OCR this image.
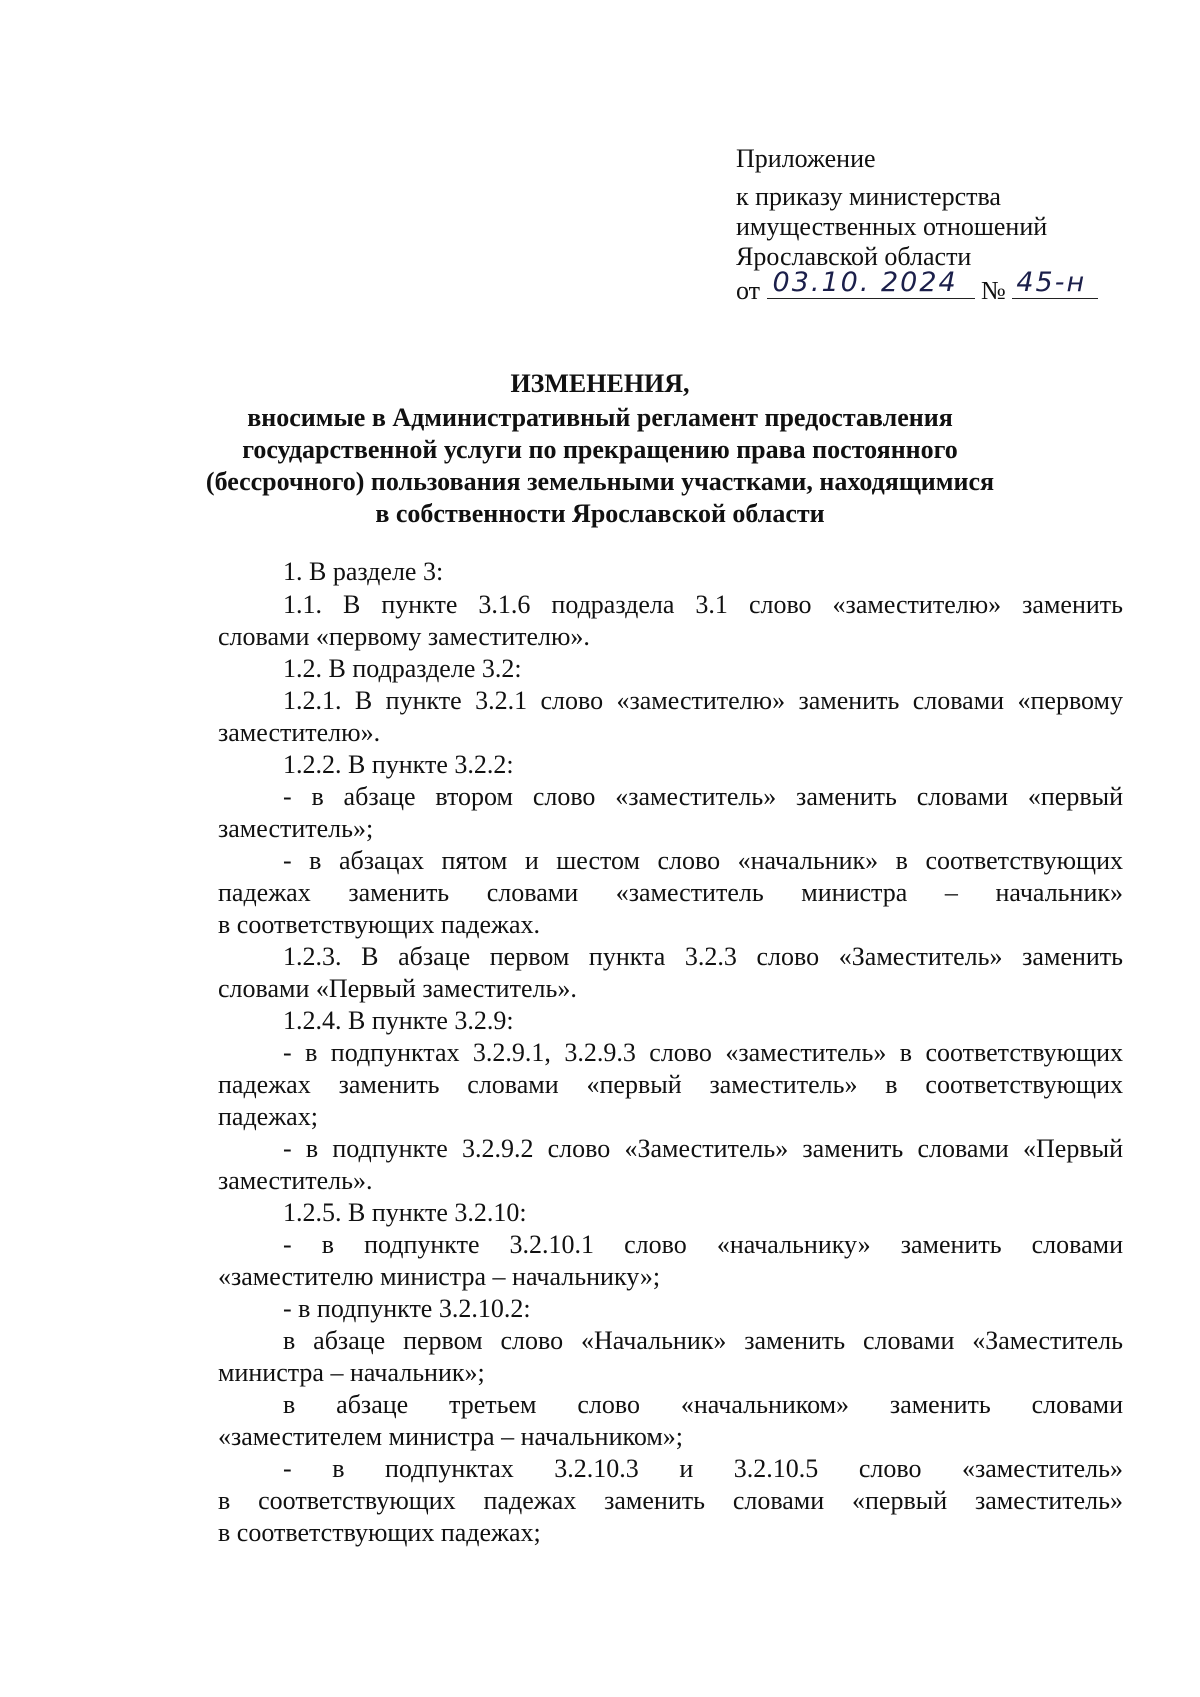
Приложение
к приказу министерства
имущественных отношений
Ярославской области
от 03.10. 2024 № 45-н
ИЗМЕНЕНИЯ,
вносимые в Административный регламент предоставления
государственной услуги по прекращению права постоянного
(бессрочного) пользования земельными участками, находящимися
в собственности Ярославской области
1. В разделе 3:
1.1. В пункте 3.1.6 подраздела 3.1 слово «заместителю» заменить
словами «первому заместителю».
1.2. В подразделе 3.2:
1.2.1. В пункте 3.2.1 слово «заместителю» заменить словами «первому
заместителю».
1.2.2. В пункте 3.2.2:
- в абзаце втором слово «заместитель» заменить словами «первый
заместитель»;
- в абзацах пятом и шестом слово «начальник» в соответствующих
падежах заменить словами «заместитель министра – начальник»
в соответствующих падежах.
1.2.3. В абзаце первом пункта 3.2.3 слово «Заместитель» заменить
словами «Первый заместитель».
1.2.4. В пункте 3.2.9:
- в подпунктах 3.2.9.1, 3.2.9.3 слово «заместитель» в соответствующих
падежах заменить словами «первый заместитель» в соответствующих
падежах;
- в подпункте 3.2.9.2 слово «Заместитель» заменить словами «Первый
заместитель».
1.2.5. В пункте 3.2.10:
- в подпункте 3.2.10.1 слово «начальнику» заменить словами
«заместителю министра – начальнику»;
- в подпункте 3.2.10.2:
в абзаце первом слово «Начальник» заменить словами «Заместитель
министра – начальник»;
в абзаце третьем слово «начальником» заменить словами
«заместителем министра – начальником»;
- в подпунктах 3.2.10.3 и 3.2.10.5 слово «заместитель»
в соответствующих падежах заменить словами «первый заместитель»
в соответствующих падежах;
